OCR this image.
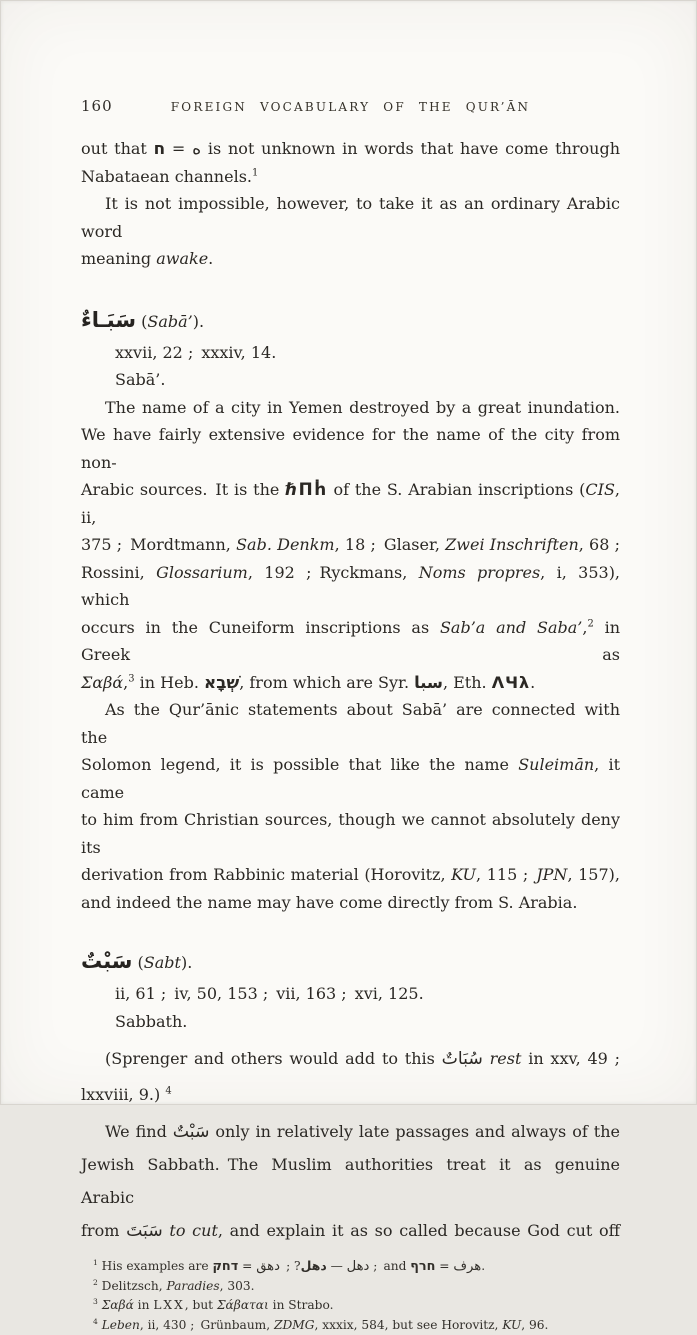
160	FOREIGN VOCABULARY OF THE QUR’ĀN
out that ه = ח is not unknown in words that have come through
Nabataean channels.$^1$
It is not impossible, however, to take it as an ordinary Arabic word
meaning awake.
سَبَـاءٌ (Sabā’).
xxvii, 22 ; xxxiv, 14.
Sabā’.
The name of a city in Yemen destroyed by a great inundation.
We have fairly extensive evidence for the name of the city from non-
Arabic sources. It is the ℏΠḣ of the S. Arabian inscriptions (CIS, ii,
375 ; Mordtmann, Sab. Denkm, 18 ; Glaser, Zwei Inschriften, 68 ;
Rossini, Glossarium, 192 ; Ryckmans, Noms propres, i, 353), which
occurs in the Cuneiform inscriptions as Sab’a and Saba’,$^2$ in Greek as
Σαβά,$^3$ in Heb. שְׁבָא, from which are Syr. سبا, Eth. ΛЧλ.
As the Qur’ānic statements about Sabā’ are connected with the
Solomon legend, it is possible that like the name Suleimān, it came
to him from Christian sources, though we cannot absolutely deny its
derivation from Rabbinic material (Horovitz, KU, 115 ; JPN, 157),
and indeed the name may have come directly from S. Arabia.
سَبْتٌ (Sabt).
ii, 61 ; iv, 50, 153 ; vii, 163 ; xvi, 125.
Sabbath.
(Sprenger and others would add to this سُبَاتٌ rest in xxv, 49 ;
lxxviii, 9.) $^4$
We find سَبْتٌ only in relatively late passages and always of the
Jewish Sabbath. The Muslim authorities treat it as genuine Arabic
from سَبَتَ to cut, and explain it as so called because God cut off
$^1$ His examples are	دهل — دهل? ; دهق = דחק	; and	هرف = חרף	.
$^2$ Delitzsch, Paradies, 303.
$^3$ Σαβά in LXX, but Σάβαται in Strabo.
$^4$ Leben, ii, 430 ; Grünbaum, ZDMG, xxxix, 584, but see Horovitz, KU, 96.
